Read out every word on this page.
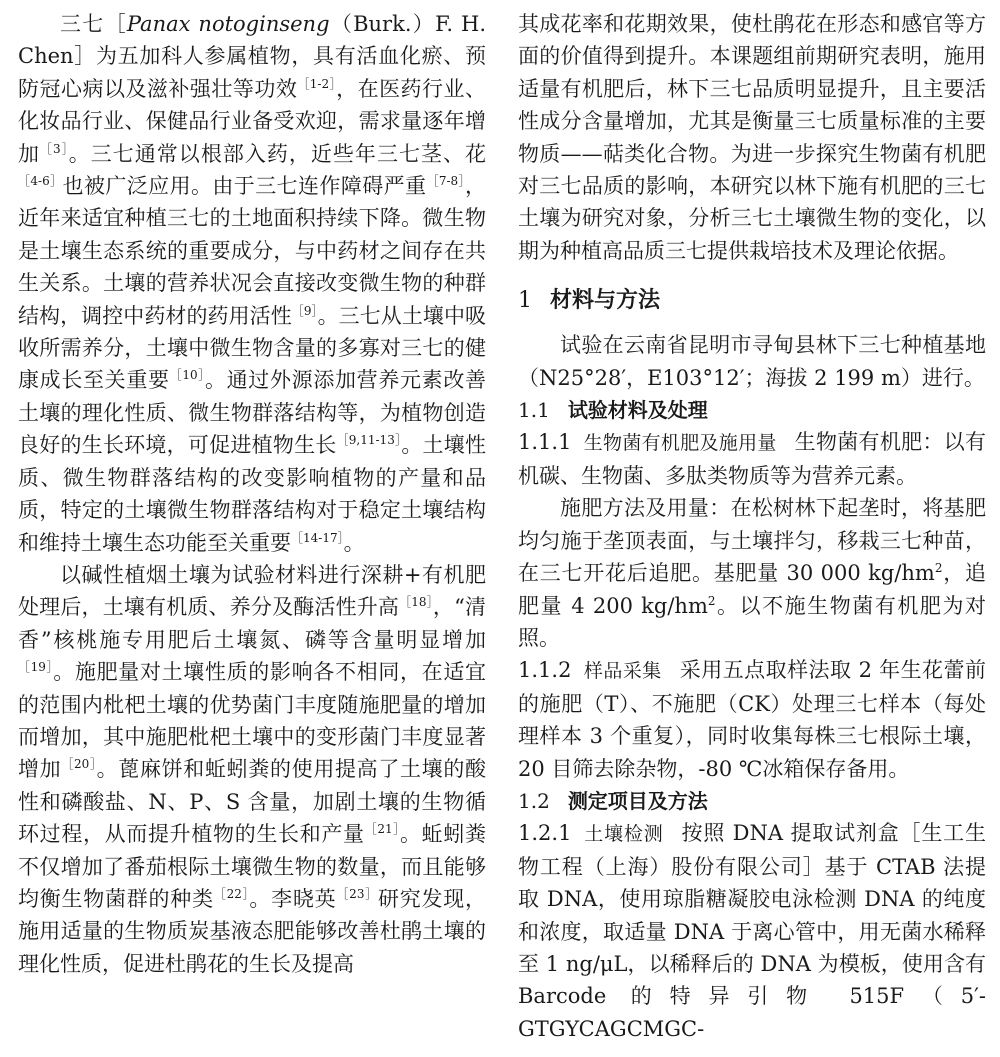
三七［Panax notoginseng（Burk.）F. H. Chen］为五加科人参属植物，具有活血化瘀、预防冠心病以及滋补强壮等功效$^{[1-2]}$，在医药行业、化妆品行业、保健品行业备受欢迎，需求量逐年增加$^{[3]}$。三七通常以根部入药，近些年三七茎、花$^{[4-6]}$也被广泛应用。由于三七连作障碍严重$^{[7-8]}$，近年来适宜种植三七的土地面积持续下降。微生物是土壤生态系统的重要成分，与中药材之间存在共生关系。土壤的营养状况会直接改变微生物的种群结构，调控中药材的药用活性$^{[9]}$。三七从土壤中吸收所需养分，土壤中微生物含量的多寡对三七的健康成长至关重要$^{[10]}$。通过外源添加营养元素改善土壤的理化性质、微生物群落结构等，为植物创造良好的生长环境，可促进植物生长$^{[9,11-13]}$。土壤性质、微生物群落结构的改变影响植物的产量和品质，特定的土壤微生物群落结构对于稳定土壤结构和维持土壤生态功能至关重要$^{[14-17]}$。

以碱性植烟土壤为试验材料进行深耕+有机肥处理后，土壤有机质、养分及酶活性升高$^{[18]}$，“清香”核桃施专用肥后土壤氮、磷等含量明显增加$^{[19]}$。施肥量对土壤性质的影响各不相同，在适宜的范围内枇杷土壤的优势菌门丰度随施肥量的增加而增加，其中施肥枇杷土壤中的变形菌门丰度显著增加$^{[20]}$。蓖麻饼和蚯蚓粪的使用提高了土壤的酸性和磷酸盐、N、P、S 含量，加剧土壤的生物循环过程，从而提升植物的生长和产量$^{[21]}$。蚯蚓粪不仅增加了番茄根际土壤微生物的数量，而且能够均衡生物菌群的种类$^{[22]}$。李晓英$^{[23]}$研究发现，施用适量的生物质炭基液态肥能够改善杜鹃土壤的理化性质，促进杜鹃花的生长及提高

其成花率和花期效果，使杜鹃花在形态和感官等方面的价值得到提升。本课题组前期研究表明，施用适量有机肥后，林下三七品质明显提升，且主要活性成分含量增加，尤其是衡量三七质量标准的主要物质——萜类化合物。为进一步探究生物菌有机肥对三七品质的影响，本研究以林下施有机肥的三七土壤为研究对象，分析三七土壤微生物的变化，以期为种植高品质三七提供栽培技术及理论依据。

1 材料与方法

试验在云南省昆明市寻甸县林下三七种植基地（N25°28′，E103°12′；海拔 2 199 m）进行。

1.1 试验材料及处理

1.1.1 生物菌有机肥及施用量 生物菌有机肥：以有机碳、生物菌、多肽类物质等为营养元素。

施肥方法及用量：在松树林下起垄时，将基肥均匀施于垄顶表面，与土壤拌匀，移栽三七种苗，在三七开花后追肥。基肥量 30 000 $kg/hm^2$，追肥量 4 200 $kg/hm^2$。以不施生物菌有机肥为对照。

1.1.2 样品采集 采用五点取样法取 2 年生花蕾前的施肥（T）、不施肥（CK）处理三七样本（每处理样本 3 个重复），同时收集每株三七根际土壤，20 目筛去除杂物，-80 ℃冰箱保存备用。

1.2 测定项目及方法

1.2.1 土壤检测 按照 DNA 提取试剂盒［生工生物工程（上海）股份有限公司］基于 CTAB 法提取 DNA，使用琼脂糖凝胶电泳检测 DNA 的纯度和浓度，取适量 DNA 于离心管中，用无菌水稀释至 1 ng/μL，以稀释后的 DNA 为模板，使用含有 Barcode 的特异引物 515F（5′-GTGYCAGCMGC-
